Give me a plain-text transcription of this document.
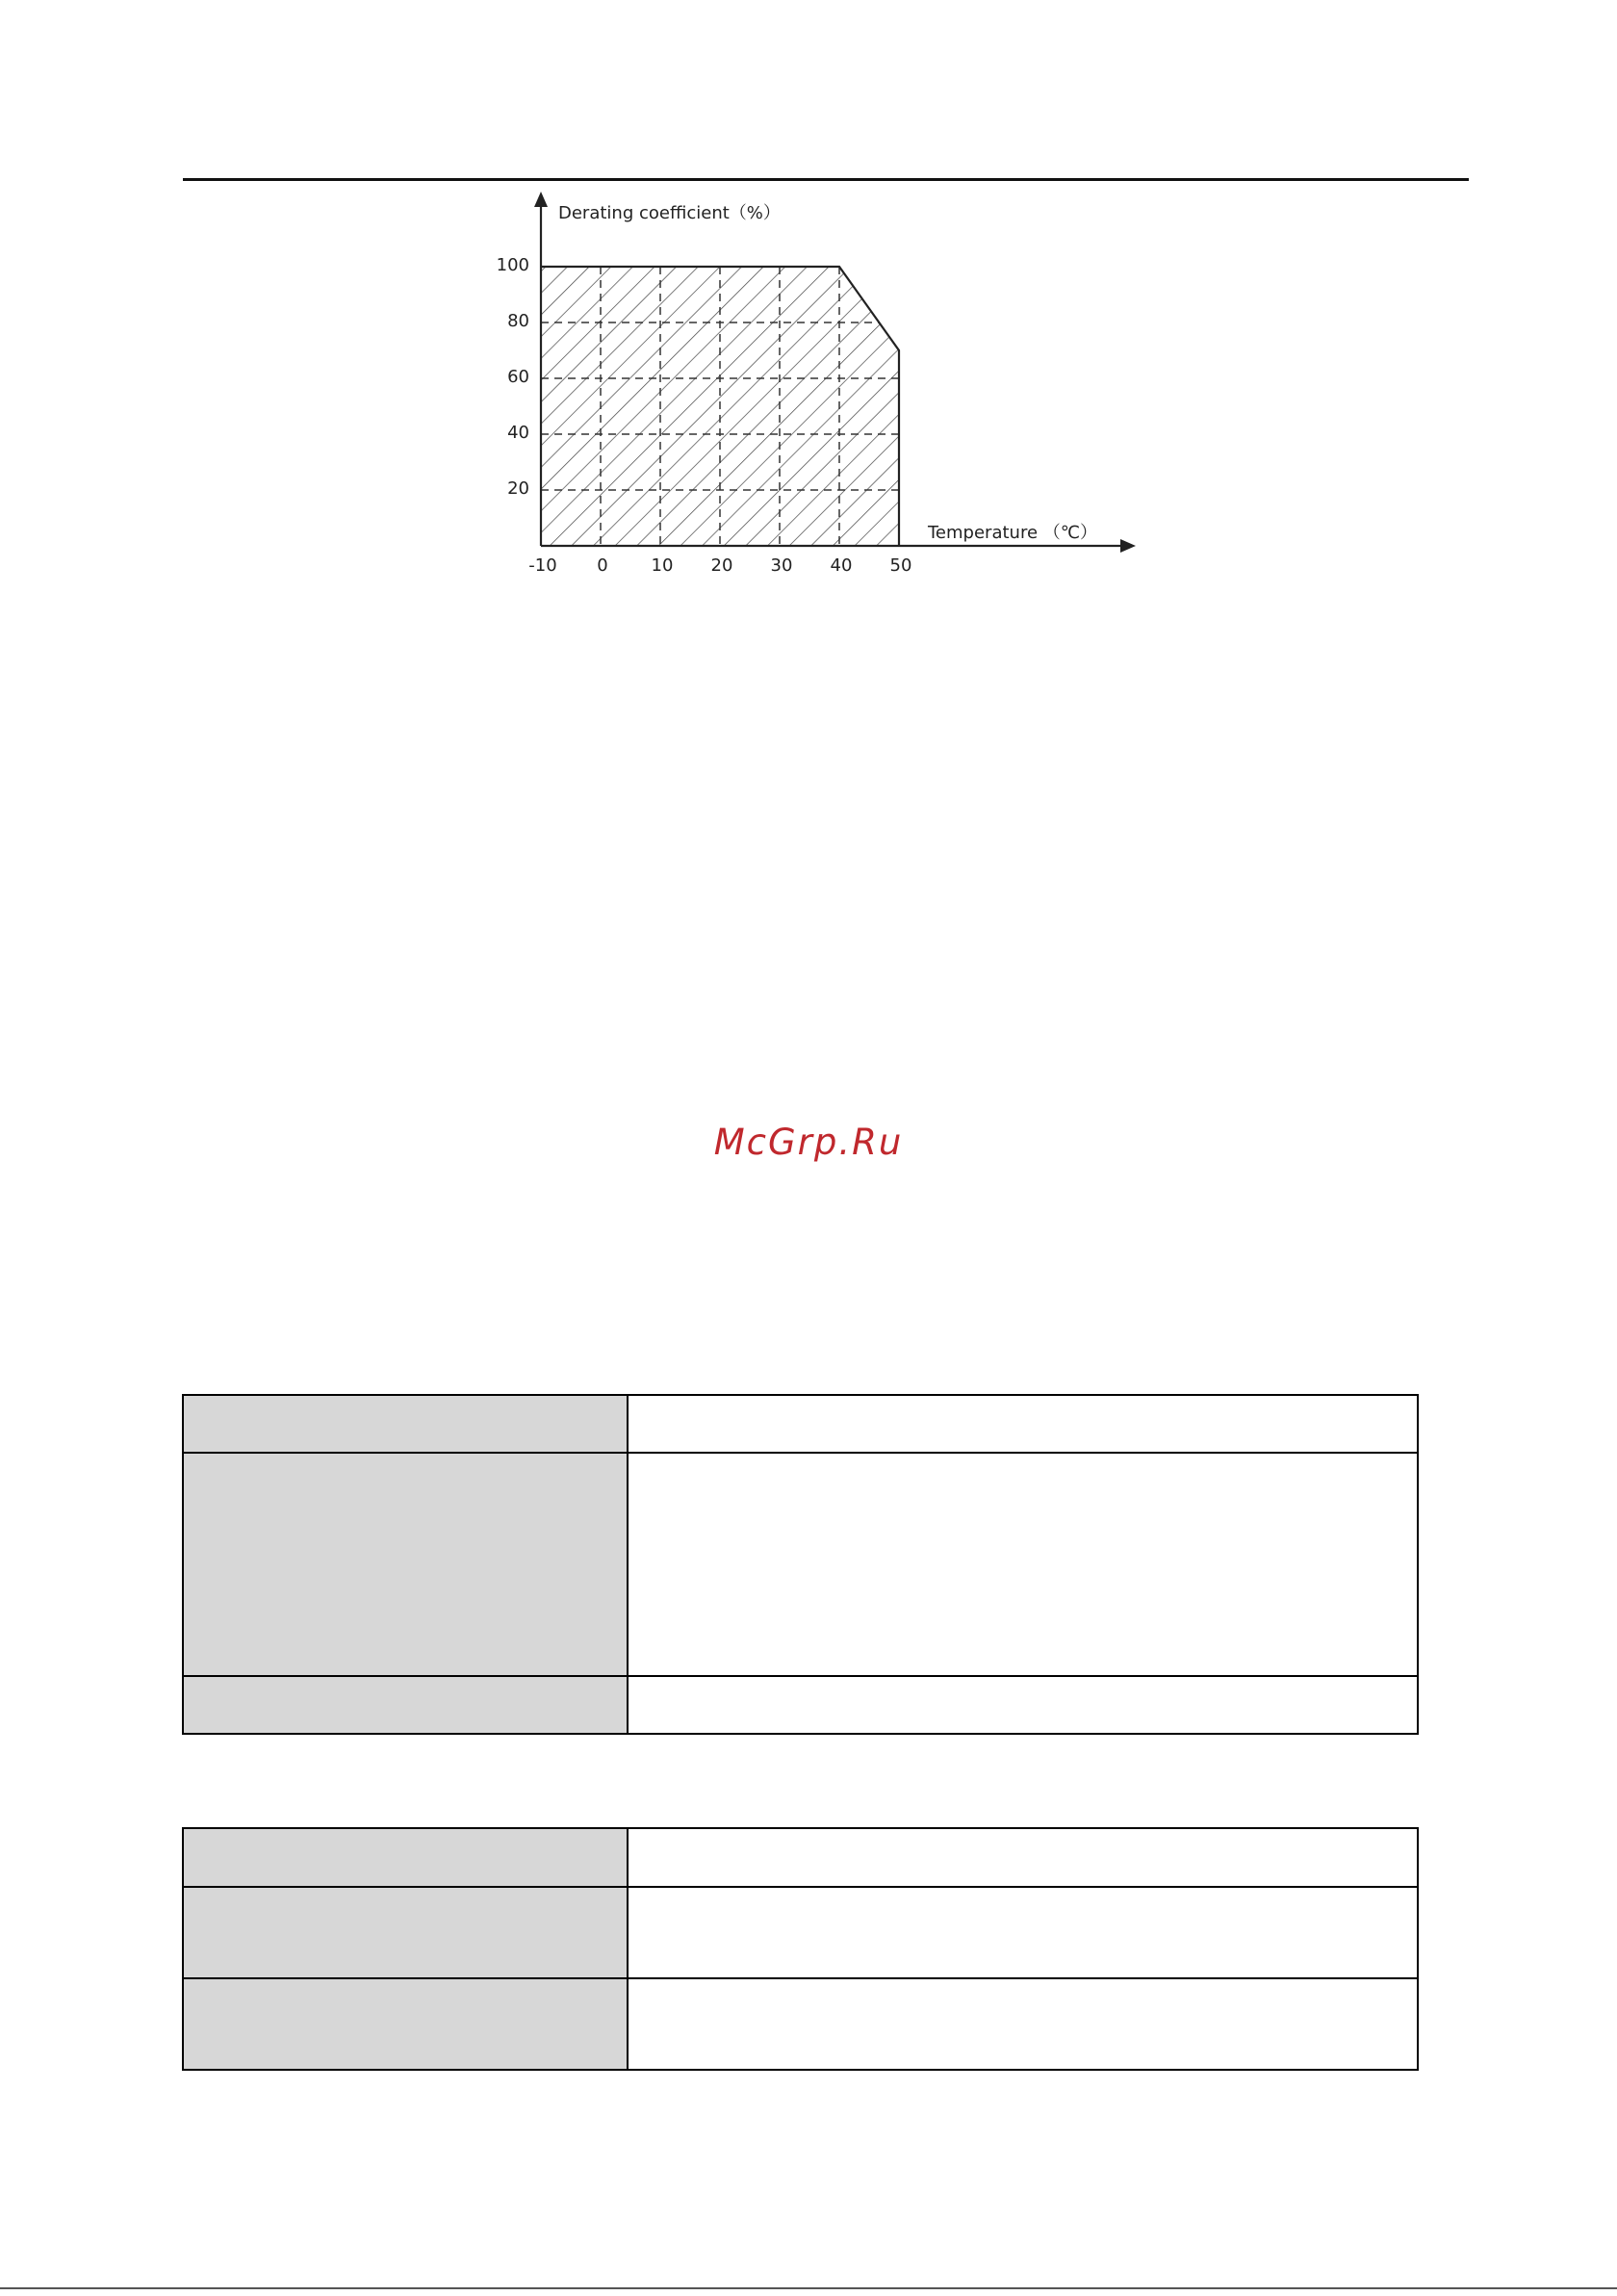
20
40
60
80
100
-10 0 10 20 30 40 50
Derating coefficient（%）
Temperature （℃）
McGrp.Ru
